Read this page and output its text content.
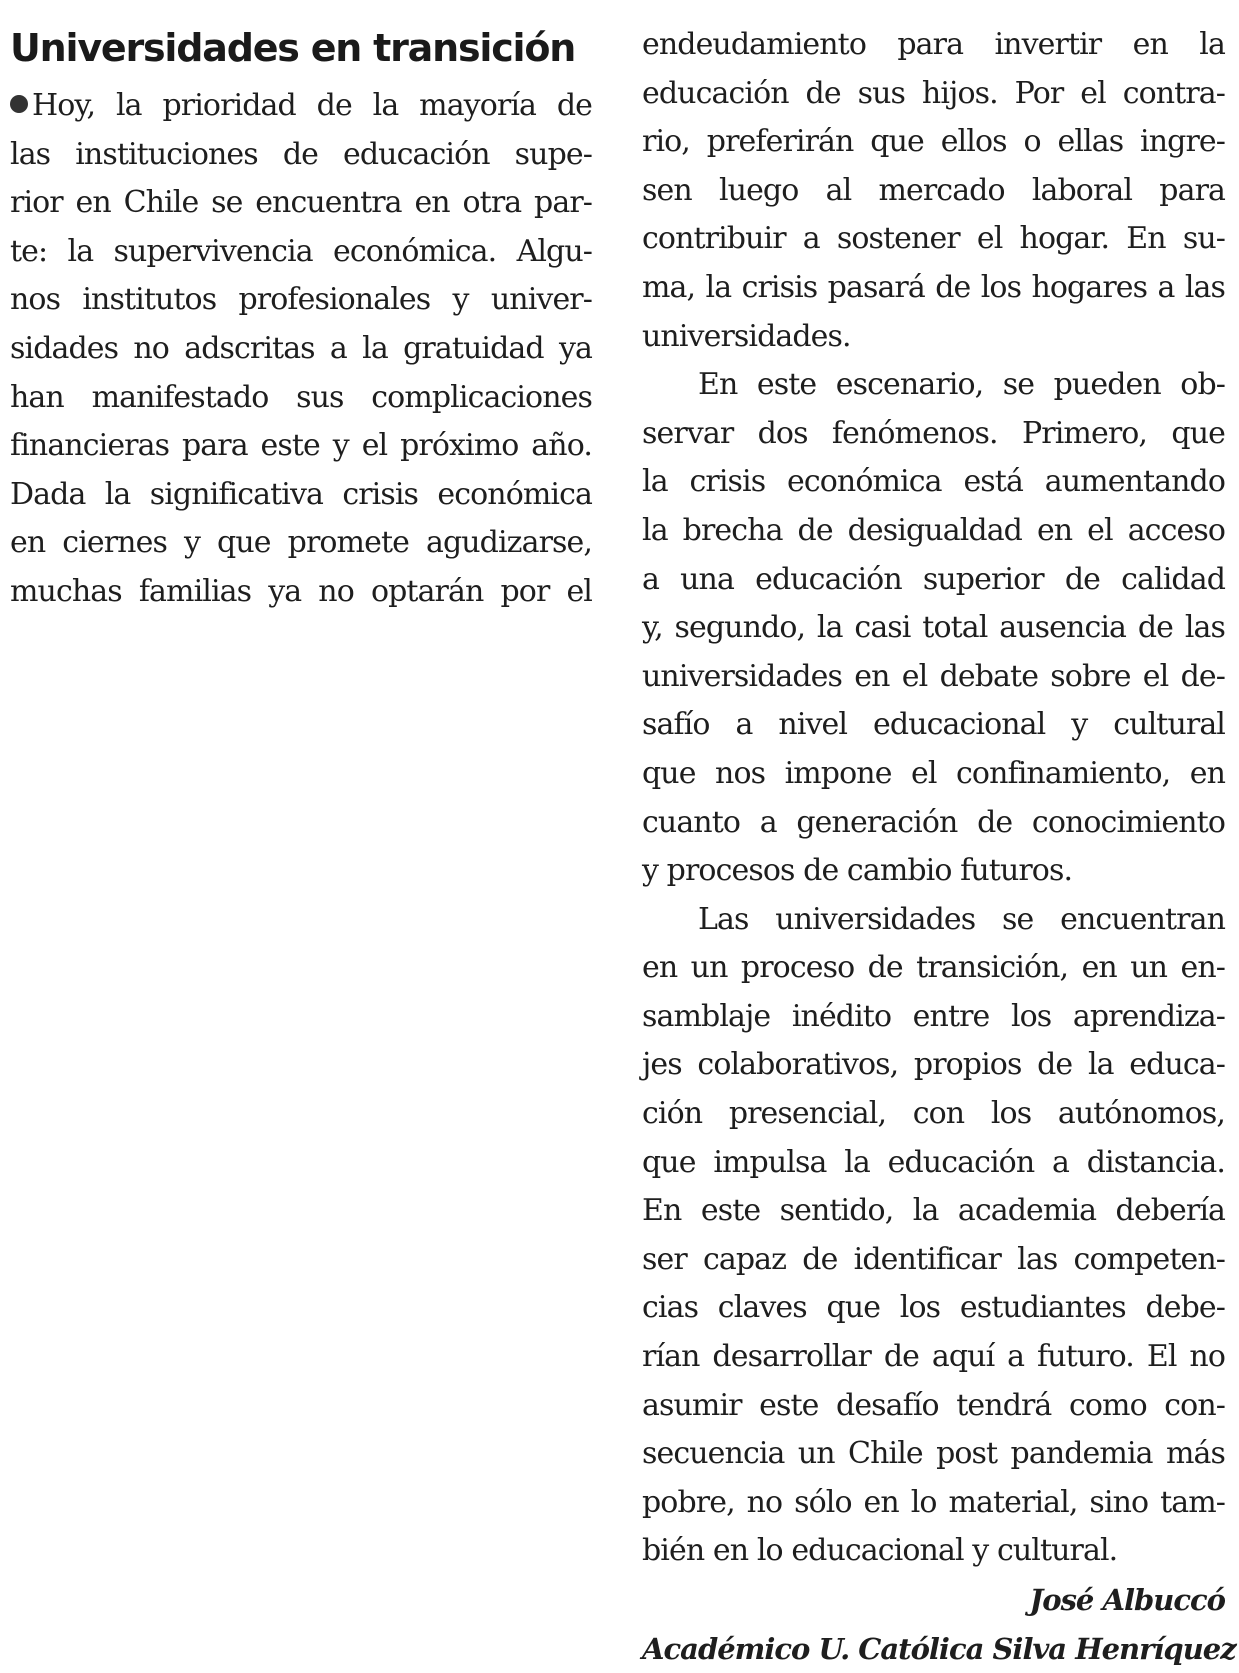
Universidades en transición
Hoy, la prioridad de la mayoría de
las instituciones de educación supe-
rior en Chile se encuentra en otra par-
te: la supervivencia económica. Algu-
nos institutos profesionales y univer-
sidades no adscritas a la gratuidad ya
han manifestado sus complicaciones
financieras para este y el próximo año.
Dada la significativa crisis económica
en ciernes y que promete agudizarse,
muchas familias ya no optarán por el
endeudamiento para invertir en la
educación de sus hijos. Por el contra-
rio, preferirán que ellos o ellas ingre-
sen luego al mercado laboral para
contribuir a sostener el hogar. En su-
ma, la crisis pasará de los hogares a las
universidades.
En este escenario, se pueden ob-
servar dos fenómenos. Primero, que
la crisis económica está aumentando
la brecha de desigualdad en el acceso
a una educación superior de calidad
y, segundo, la casi total ausencia de las
universidades en el debate sobre el de-
safío a nivel educacional y cultural
que nos impone el confinamiento, en
cuanto a generación de conocimiento
y procesos de cambio futuros.
Las universidades se encuentran
en un proceso de transición, en un en-
samblaje inédito entre los aprendiza-
jes colaborativos, propios de la educa-
ción presencial, con los autónomos,
que impulsa la educación a distancia.
En este sentido, la academia debería
ser capaz de identificar las competen-
cias claves que los estudiantes debe-
rían desarrollar de aquí a futuro. El no
asumir este desafío tendrá como con-
secuencia un Chile post pandemia más
pobre, no sólo en lo material, sino tam-
bién en lo educacional y cultural.
José Albuccó
Académico U. Católica Silva Henríquez
